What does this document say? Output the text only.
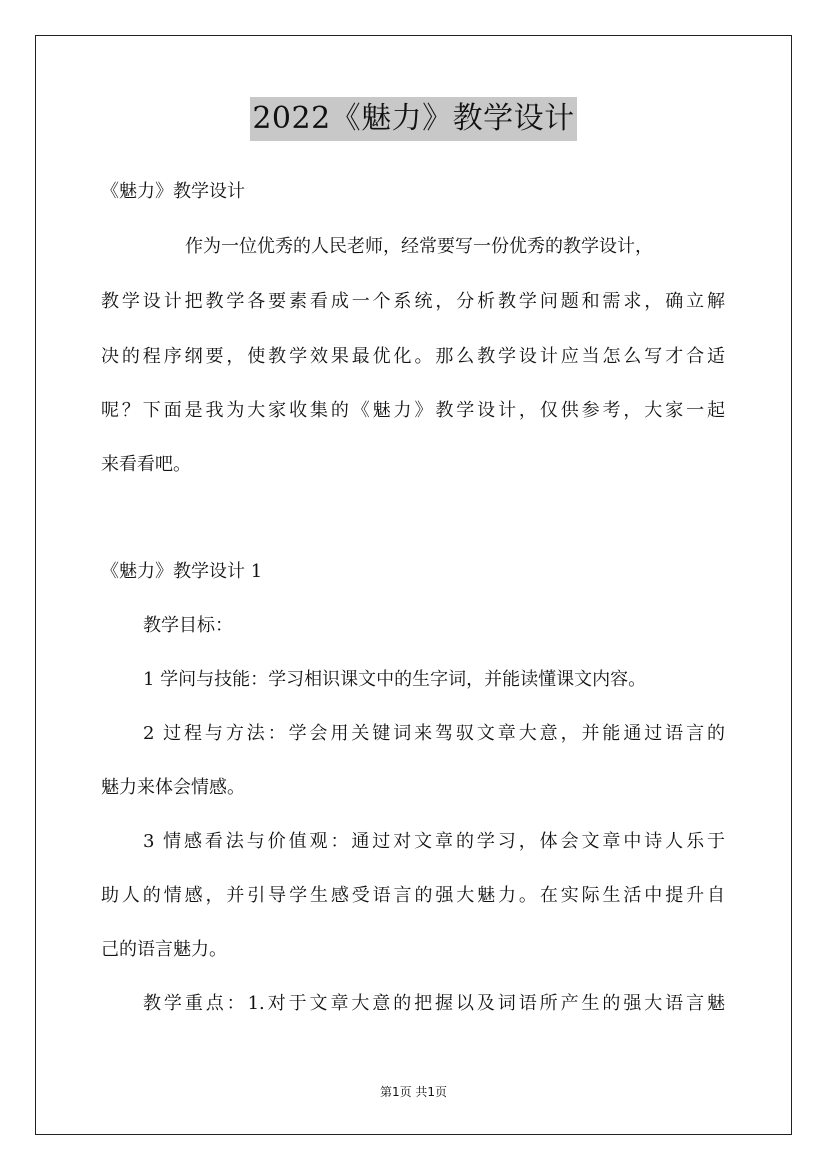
2022《魅力》教学设计
《魅力》教学设计
作为一位优秀的人民老师，经常要写一份优秀的教学设计，
教学设计把教学各要素看成一个系统，分析教学问题和需求，确立解
决的程序纲要，使教学效果最优化。那么教学设计应当怎么写才合适
呢？下面是我为大家收集的《魅力》教学设计，仅供参考，大家一起
来看看吧。
《魅力》教学设计 1
教学目标：
1 学问与技能：学习相识课文中的生字词，并能读懂课文内容。
2 过程与方法：学会用关键词来驾驭文章大意，并能通过语言的
魅力来体会情感。
3 情感看法与价值观：通过对文章的学习，体会文章中诗人乐于
助人的情感，并引导学生感受语言的强大魅力。在实际生活中提升自
己的语言魅力。
教学重点：1.对于文章大意的把握以及词语所产生的强大语言魅
第1页 共1页
